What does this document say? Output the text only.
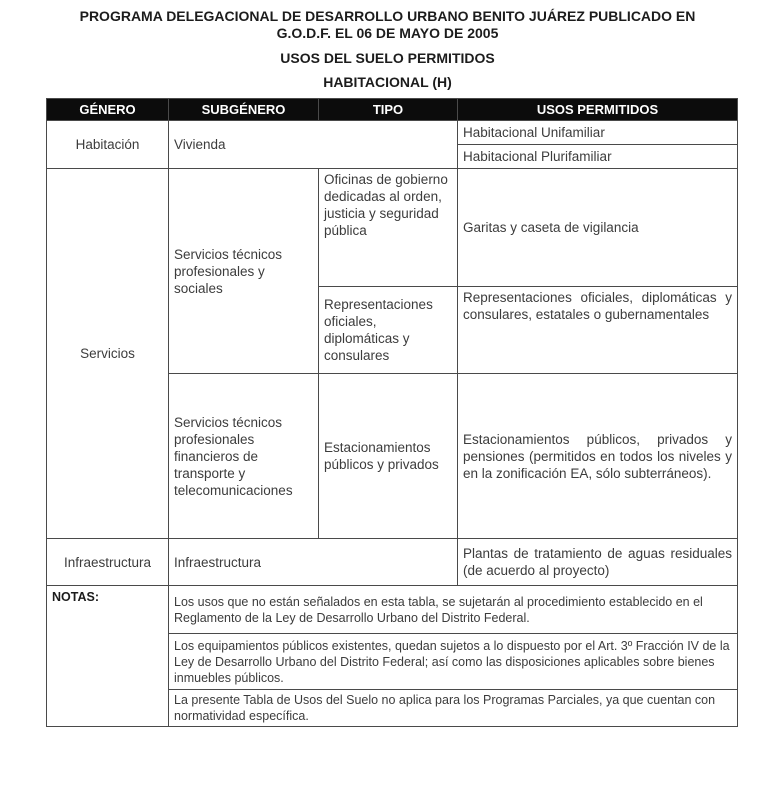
PROGRAMA DELEGACIONAL DE DESARROLLO URBANO BENITO JUÁREZ PUBLICADO EN
G.O.D.F. EL 06 DE MAYO DE 2005
USOS DEL SUELO PERMITIDOS
HABITACIONAL (H)
GÉNERO	SUBGÉNERO	TIPO	USOS PERMITIDOS
Habitación	Vivienda		Habitacional Unifamiliar
			Habitacional Plurifamiliar
Servicios	Servicios técnicos profesionales y sociales	Oficinas de gobierno dedicadas al orden, justicia y seguridad pública	Garitas y caseta de vigilancia
		Representaciones oficiales, diplomáticas y consulares	Representaciones oficiales, diplomáticas y consulares, estatales o gubernamentales
	Servicios técnicos profesionales financieros de transporte y telecomunicaciones	Estacionamientos públicos y privados	Estacionamientos públicos, privados y pensiones (permitidos en todos los niveles y en la zonificación EA, sólo subterráneos).
Infraestructura	Infraestructura		Plantas de tratamiento de aguas residuales (de acuerdo al proyecto)
NOTAS:	Los usos que no están señalados en esta tabla, se sujetarán al procedimiento establecido en el Reglamento de la Ley de Desarrollo Urbano del Distrito Federal.		
	Los equipamientos públicos existentes, quedan sujetos a lo dispuesto por el Art. 3º Fracción IV de la Ley de Desarrollo Urbano del Distrito Federal; así como las disposiciones aplicables sobre bienes inmuebles públicos.		
	La presente Tabla de Usos del Suelo no aplica para los Programas Parciales, ya que cuentan con normatividad específica.		
